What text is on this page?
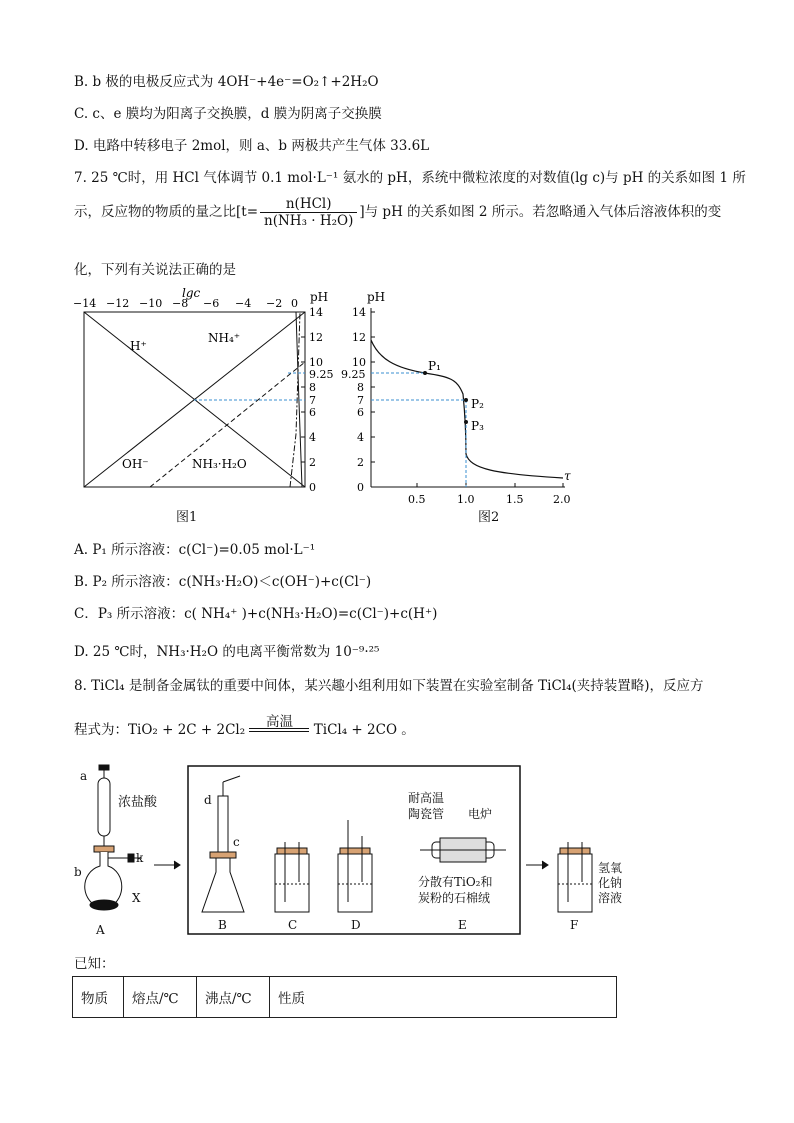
B. b 极的电极反应式为 4OH⁻+4e⁻=O₂↑+2H₂O
C. c、e 膜均为阳离子交换膜，d 膜为阴离子交换膜
D. 电路中转移电子 2mol，则 a、b 两极共产生气体 33.6L
7. 25 ℃时，用 HCl 气体调节 0.1 mol·L⁻¹ 氨水的 pH，系统中微粒浓度的对数值(lg c)与 pH 的关系如图 1 所
示，反应物的物质的量之比[$t= \frac{\text{n(HCl)}}{\text{n(NH₃ · H₂O)}}$ ]与 pH 的关系如图 2 所示。若忽略通入气体后溶液体积的变
化，下列有关说法正确的是
lgc
−14 −12 −10 −8 −6 −4 −2 0 pH
14
12
10
9.25
8
7
6
4
2
0
H⁺
NH₄⁺
OH⁻	NH₃·H₂O
图1
pH
14
12
10
9.25
8
7
6
4
2
0
0.5	1.0	1.5	2.0
τ
P₁
P₂
P₃
图2
A. P₁ 所示溶液：c(Cl⁻)=0.05 mol·L⁻¹
B. P₂ 所示溶液：c(NH₃·H₂O)＜c(OH⁻)+c(Cl⁻)
C．P₃ 所示溶液：c( NH₄⁺ )+c(NH₃·H₂O)=c(Cl⁻)+c(H⁺)
D. 25 ℃时，NH₃·H₂O 的电离平衡常数为 10⁻⁹·²⁵
8. TiCl₄ 是制备金属钛的重要中间体，某兴趣小组利用如下装置在实验室制备 TiCl₄(夹持装置略)，反应方
程式为：TiO₂ + 2C + 2Cl₂	高温	TiCl₄ + 2CO 。
a
b
k
X
浓盐酸	d
c
耐高温
陶瓷管 电炉
分散有TiO₂和
炭粉的石棉绒
氢氧
化钠
溶液
A	B	C	D	E	F
已知：
物质	熔点/℃	沸点/℃	性质
